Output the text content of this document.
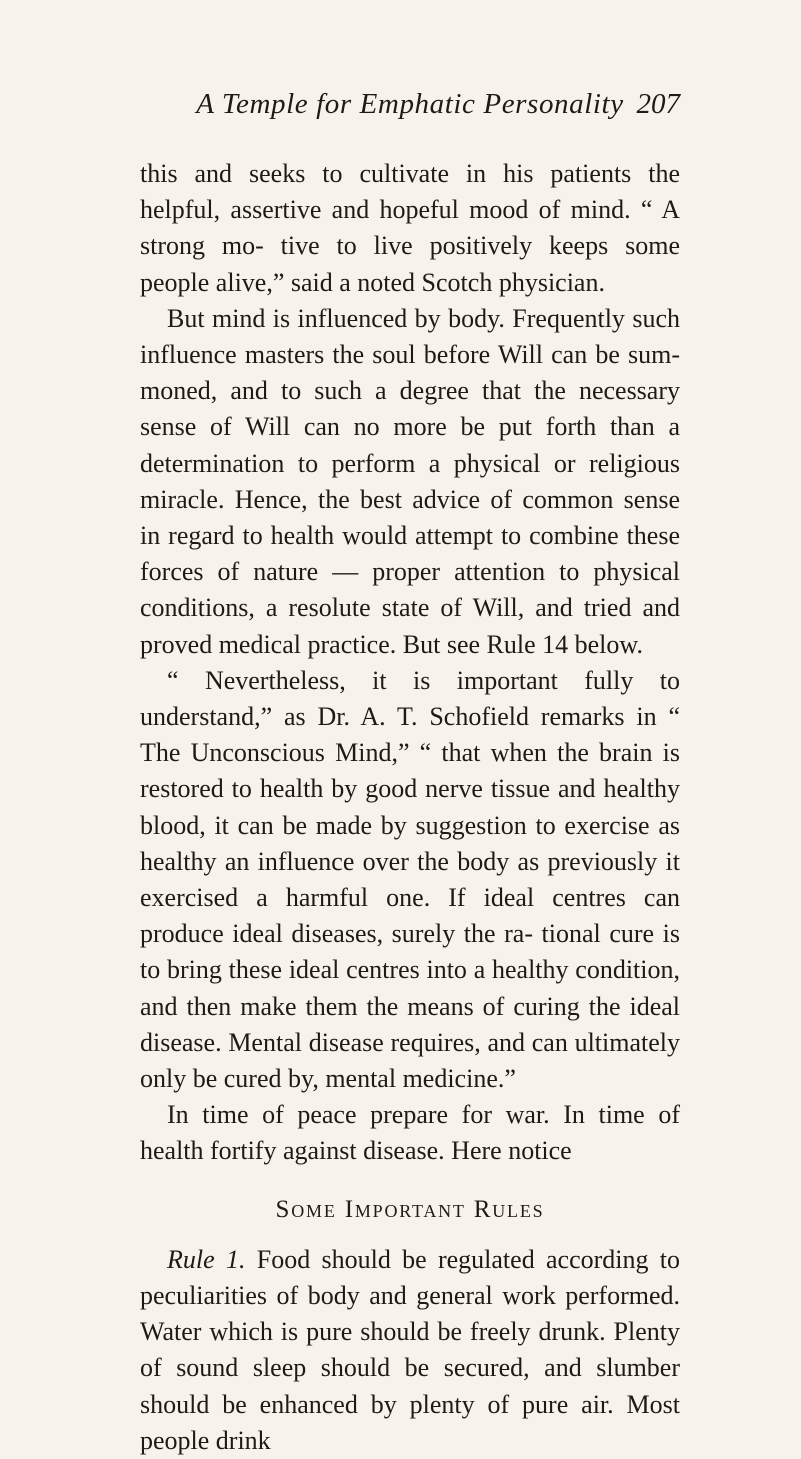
A Temple for Emphatic Personality 207

this and seeks to cultivate in his patients the helpful, assertive and hopeful mood of mind. “ A strong mo- tive to live positively keeps some people alive,” said a noted Scotch physician.

But mind is influenced by body. Frequently such influence masters the soul before Will can be sum- moned, and to such a degree that the necessary sense of Will can no more be put forth than a determination to perform a physical or religious miracle. Hence, the best advice of common sense in regard to health would attempt to combine these forces of nature — proper attention to physical conditions, a resolute state of Will, and tried and proved medical practice. But see Rule 14 below.

“ Nevertheless, it is important fully to understand,” as Dr. A. T. Schofield remarks in “ The Unconscious Mind,” “ that when the brain is restored to health by good nerve tissue and healthy blood, it can be made by suggestion to exercise as healthy an influence over the body as previously it exercised a harmful one. If ideal centres can produce ideal diseases, surely the ra- tional cure is to bring these ideal centres into a healthy condition, and then make them the means of curing the ideal disease. Mental disease requires, and can ultimately only be cured by, mental medicine.”

In time of peace prepare for war. In time of health fortify against disease. Here notice

Some Important Rules

Rule 1. Food should be regulated according to peculiarities of body and general work performed. Water which is pure should be freely drunk. Plenty of sound sleep should be secured, and slumber should be enhanced by plenty of pure air. Most people drink
